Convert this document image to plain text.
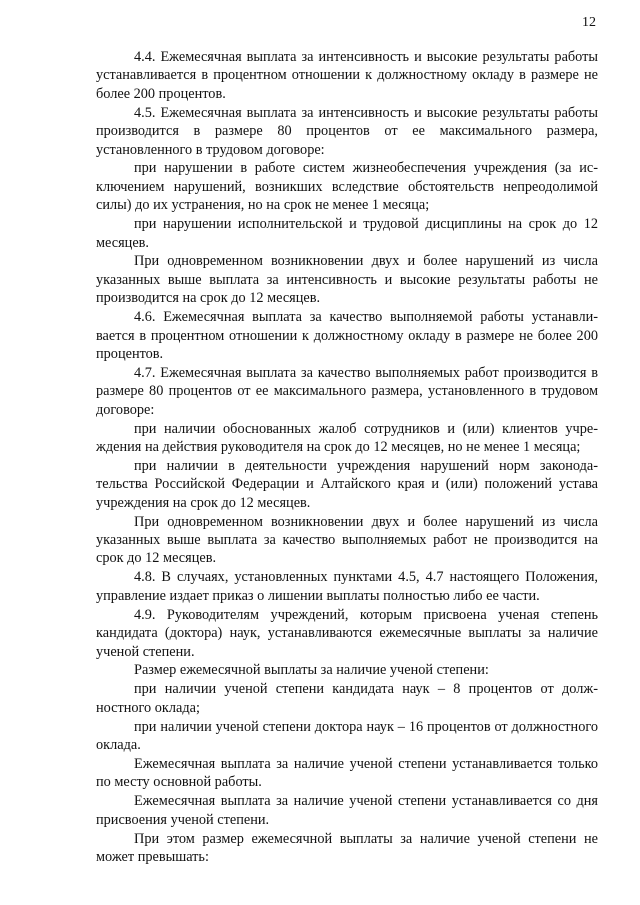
12

4.4. Ежемесячная выплата за интенсивность и высокие результаты работы устанавливается в процентном отношении к должностному окладу в размере не более 200 процентов.

4.5. Ежемесячная выплата за интенсивность и высокие результаты работы производится в размере 80 процентов от ее максимального размера, установленного в трудовом договоре:

при нарушении в работе систем жизнеобеспечения учреждения (за исключением нарушений, возникших вследствие обстоятельств непреодолимой силы) до их устранения, но на срок не менее 1 месяца;

при нарушении исполнительской и трудовой дисциплины на срок до 12 месяцев.

При одновременном возникновении двух и более нарушений из числа указанных выше выплата за интенсивность и высокие результаты работы не производится на срок до 12 месяцев.

4.6. Ежемесячная выплата за качество выполняемой работы устанавливается в процентном отношении к должностному окладу в размере не более 200 процентов.

4.7. Ежемесячная выплата за качество выполняемых работ производится в размере 80 процентов от ее максимального размера, установленного в трудовом договоре:

при наличии обоснованных жалоб сотрудников и (или) клиентов учреждения на действия руководителя на срок до 12 месяцев, но не менее 1 месяца;

при наличии в деятельности учреждения нарушений норм законодательства Российской Федерации и Алтайского края и (или) положений устава учреждения на срок до 12 месяцев.

При одновременном возникновении двух и более нарушений из числа указанных выше выплата за качество выполняемых работ не производится на срок до 12 месяцев.

4.8. В случаях, установленных пунктами 4.5, 4.7 настоящего Положения, управление издает приказ о лишении выплаты полностью либо ее части.

4.9. Руководителям учреждений, которым присвоена ученая степень кандидата (доктора) наук, устанавливаются ежемесячные выплаты за наличие ученой степени.

Размер ежемесячной выплаты за наличие ученой степени:

при наличии ученой степени кандидата наук – 8 процентов от должностного оклада;

при наличии ученой степени доктора наук – 16 процентов от должностного оклада.

Ежемесячная выплата за наличие ученой степени устанавливается только по месту основной работы.

Ежемесячная выплата за наличие ученой степени устанавливается со дня присвоения ученой степени.

При этом размер ежемесячной выплаты за наличие ученой степени не может превышать:
